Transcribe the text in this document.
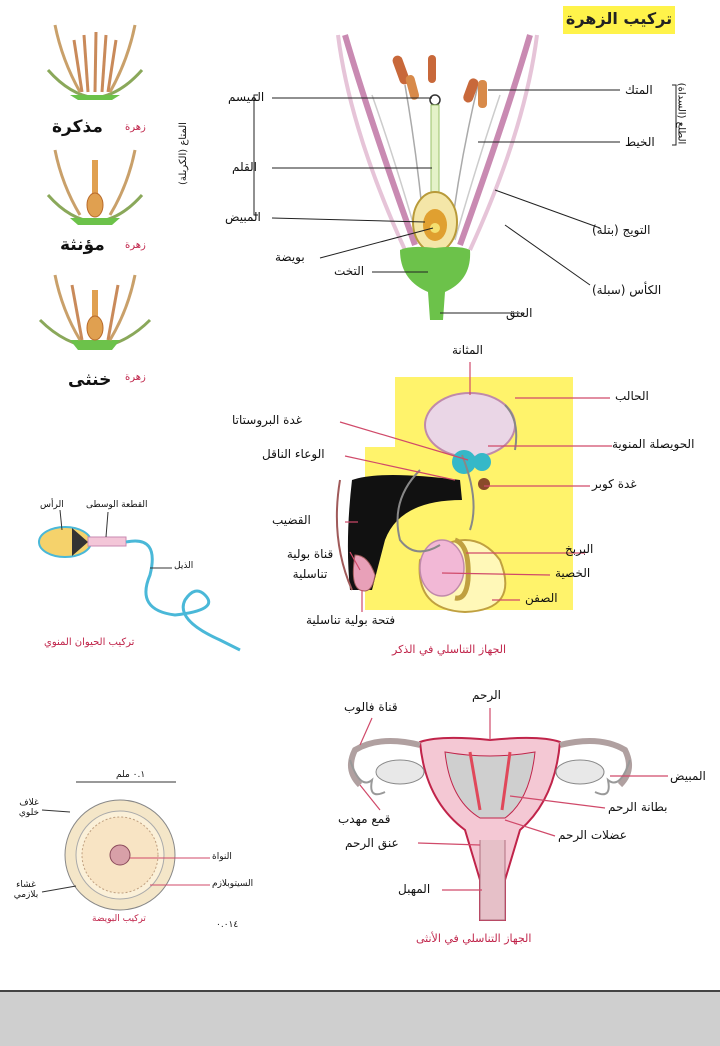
تركيب الزهرة
زهرة
مذكرة
زهرة
مؤنثة
زهرة
خنثى
الميسم
القلم
المبيض
بويضة
التخت
العنق
المتك
الخيط
التويج (بتلة)
الكأس (سبلة)
المتاع (الكربلة)
الطلع (السداة)
الرأس القطعة الوسطى
الذيل
تركيب الحيوان المنوي
المثانة
الحالب
غدة البروستاتا
الوعاء الناقل
الحويصلة المنوية
غدة كوبر
القضيب
قناة بولية تناسلية
البربخ
الخصية
الصفن
فتحة بولية تناسلية
الجهاز التناسلي في الذكر
الرحم
قناة فالوب
المبيض
قمع مهدب
بطانة الرحم
عضلات الرحم
عنق الرحم
المهبل
الجهاز التناسلي في الأنثى
٠.١ ملم
غلاف خلوي
النواة
السيتوبلازم
غشاء بلازمي
تركيب البويضة
٠.٠١٤
